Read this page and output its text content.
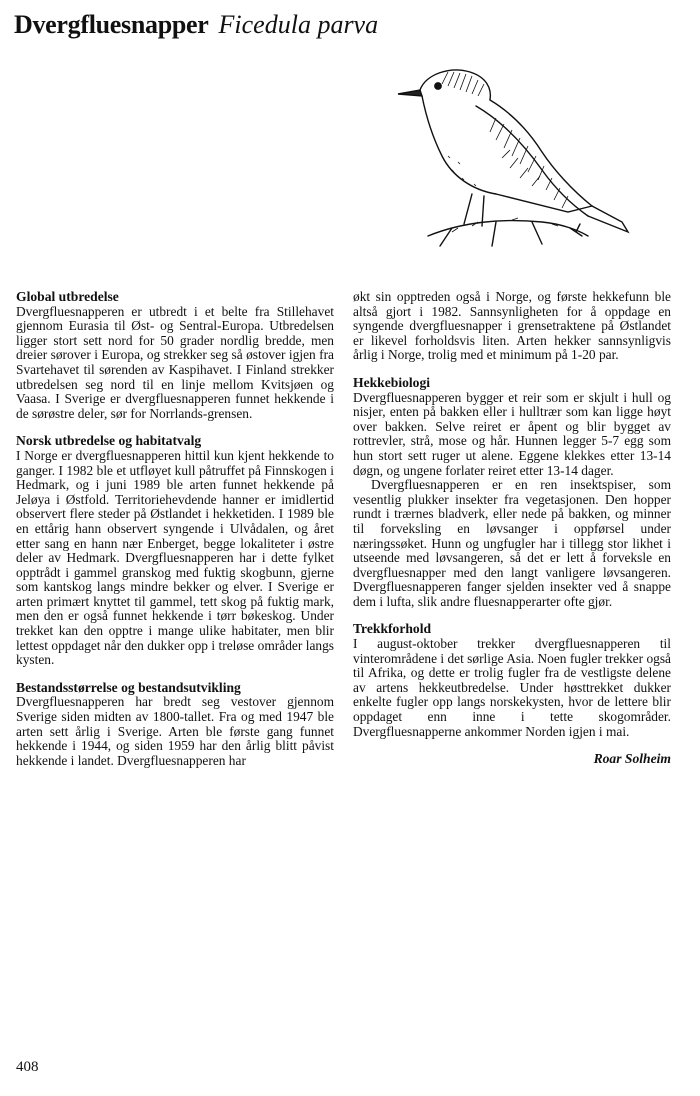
Dvergfluesnapper Ficedula parva
Global utbredelse

Dvergfluesnapperen er utbredt i et belte fra Stillehavet gjennom Eurasia til Øst- og Sentral-Europa. Utbredelsen ligger stort sett nord for 50 grader nordlig bredde, men dreier sørover i Europa, og strekker seg så østover igjen fra Svartehavet til sørenden av Kaspihavet. I Finland strekker utbredelsen seg nord til en linje mellom Kvitsjøen og Vaasa. I Sverige er dvergfluesnapperen funnet hekkende i de sørøstre deler, sør for Norrlands-grensen.

Norsk utbredelse og habitatvalg

I Norge er dvergfluesnapperen hittil kun kjent hekkende to ganger. I 1982 ble et utfløyet kull påtruffet på Finnskogen i Hedmark, og i juni 1989 ble arten funnet hekkende på Jeløya i Østfold. Territoriehevdende hanner er imidlertid observert flere steder på Østlandet i hekketiden. I 1989 ble en ettårig hann observert syngende i Ulvådalen, og året etter sang en hann nær Enberget, begge lokaliteter i østre deler av Hedmark. Dvergfluesnapperen har i dette fylket opptrådt i gammel granskog med fuktig skogbunn, gjerne som kantskog langs mindre bekker og elver. I Sverige er arten primært knyttet til gammel, tett skog på fuktig mark, men den er også funnet hekkende i tørr bøkeskog. Under trekket kan den opptre i mange ulike habitater, men blir lettest oppdaget når den dukker opp i treløse områder langs kysten.

Bestandsstørrelse og bestandsutvikling

Dvergfluesnapperen har bredt seg vestover gjennom Sverige siden midten av 1800-tallet. Fra og med 1947 ble arten sett årlig i Sverige. Arten ble første gang funnet hekkende i 1944, og siden 1959 har den årlig blitt påvist hekkende i landet. Dvergfluesnapperen har

økt sin opptreden også i Norge, og første hekkefunn ble altså gjort i 1982. Sannsynligheten for å oppdage en syngende dvergfluesnapper i grensetraktene på Østlandet er likevel forholdsvis liten. Arten hekker sannsynligvis årlig i Norge, trolig med et minimum på 1-20 par.

Hekkebiologi

Dvergfluesnapperen bygger et reir som er skjult i hull og nisjer, enten på bakken eller i hulltrær som kan ligge høyt over bakken. Selve reiret er åpent og blir bygget av rottrevler, strå, mose og hår. Hunnen legger 5-7 egg som hun stort sett ruger ut alene. Eggene klekkes etter 13-14 døgn, og ungene forlater reiret etter 13-14 dager.

Dvergfluesnapperen er en ren insektspiser, som vesentlig plukker insekter fra vegetasjonen. Den hopper rundt i trærnes bladverk, eller nede på bakken, og minner til forveksling en løvsanger i oppførsel under næringssøket. Hunn og ungfugler har i tillegg stor likhet i utseende med løvsangeren, så det er lett å forveksle en dvergfluesnapper med den langt vanligere løvsangeren. Dvergfluesnapperen fanger sjelden insekter ved å snappe dem i lufta, slik andre fluesnapperarter ofte gjør.

Trekkforhold

I august-oktober trekker dvergfluesnapperen til vinterområdene i det sørlige Asia. Noen fugler trekker også til Afrika, og dette er trolig fugler fra de vestligste delene av artens hekkeutbredelse. Under høsttrekket dukker enkelte fugler opp langs norskekysten, hvor de lettere blir oppdaget enn inne i tette skogområder. Dvergfluesnapperne ankommer Norden igjen i mai.

Roar Solheim
408
